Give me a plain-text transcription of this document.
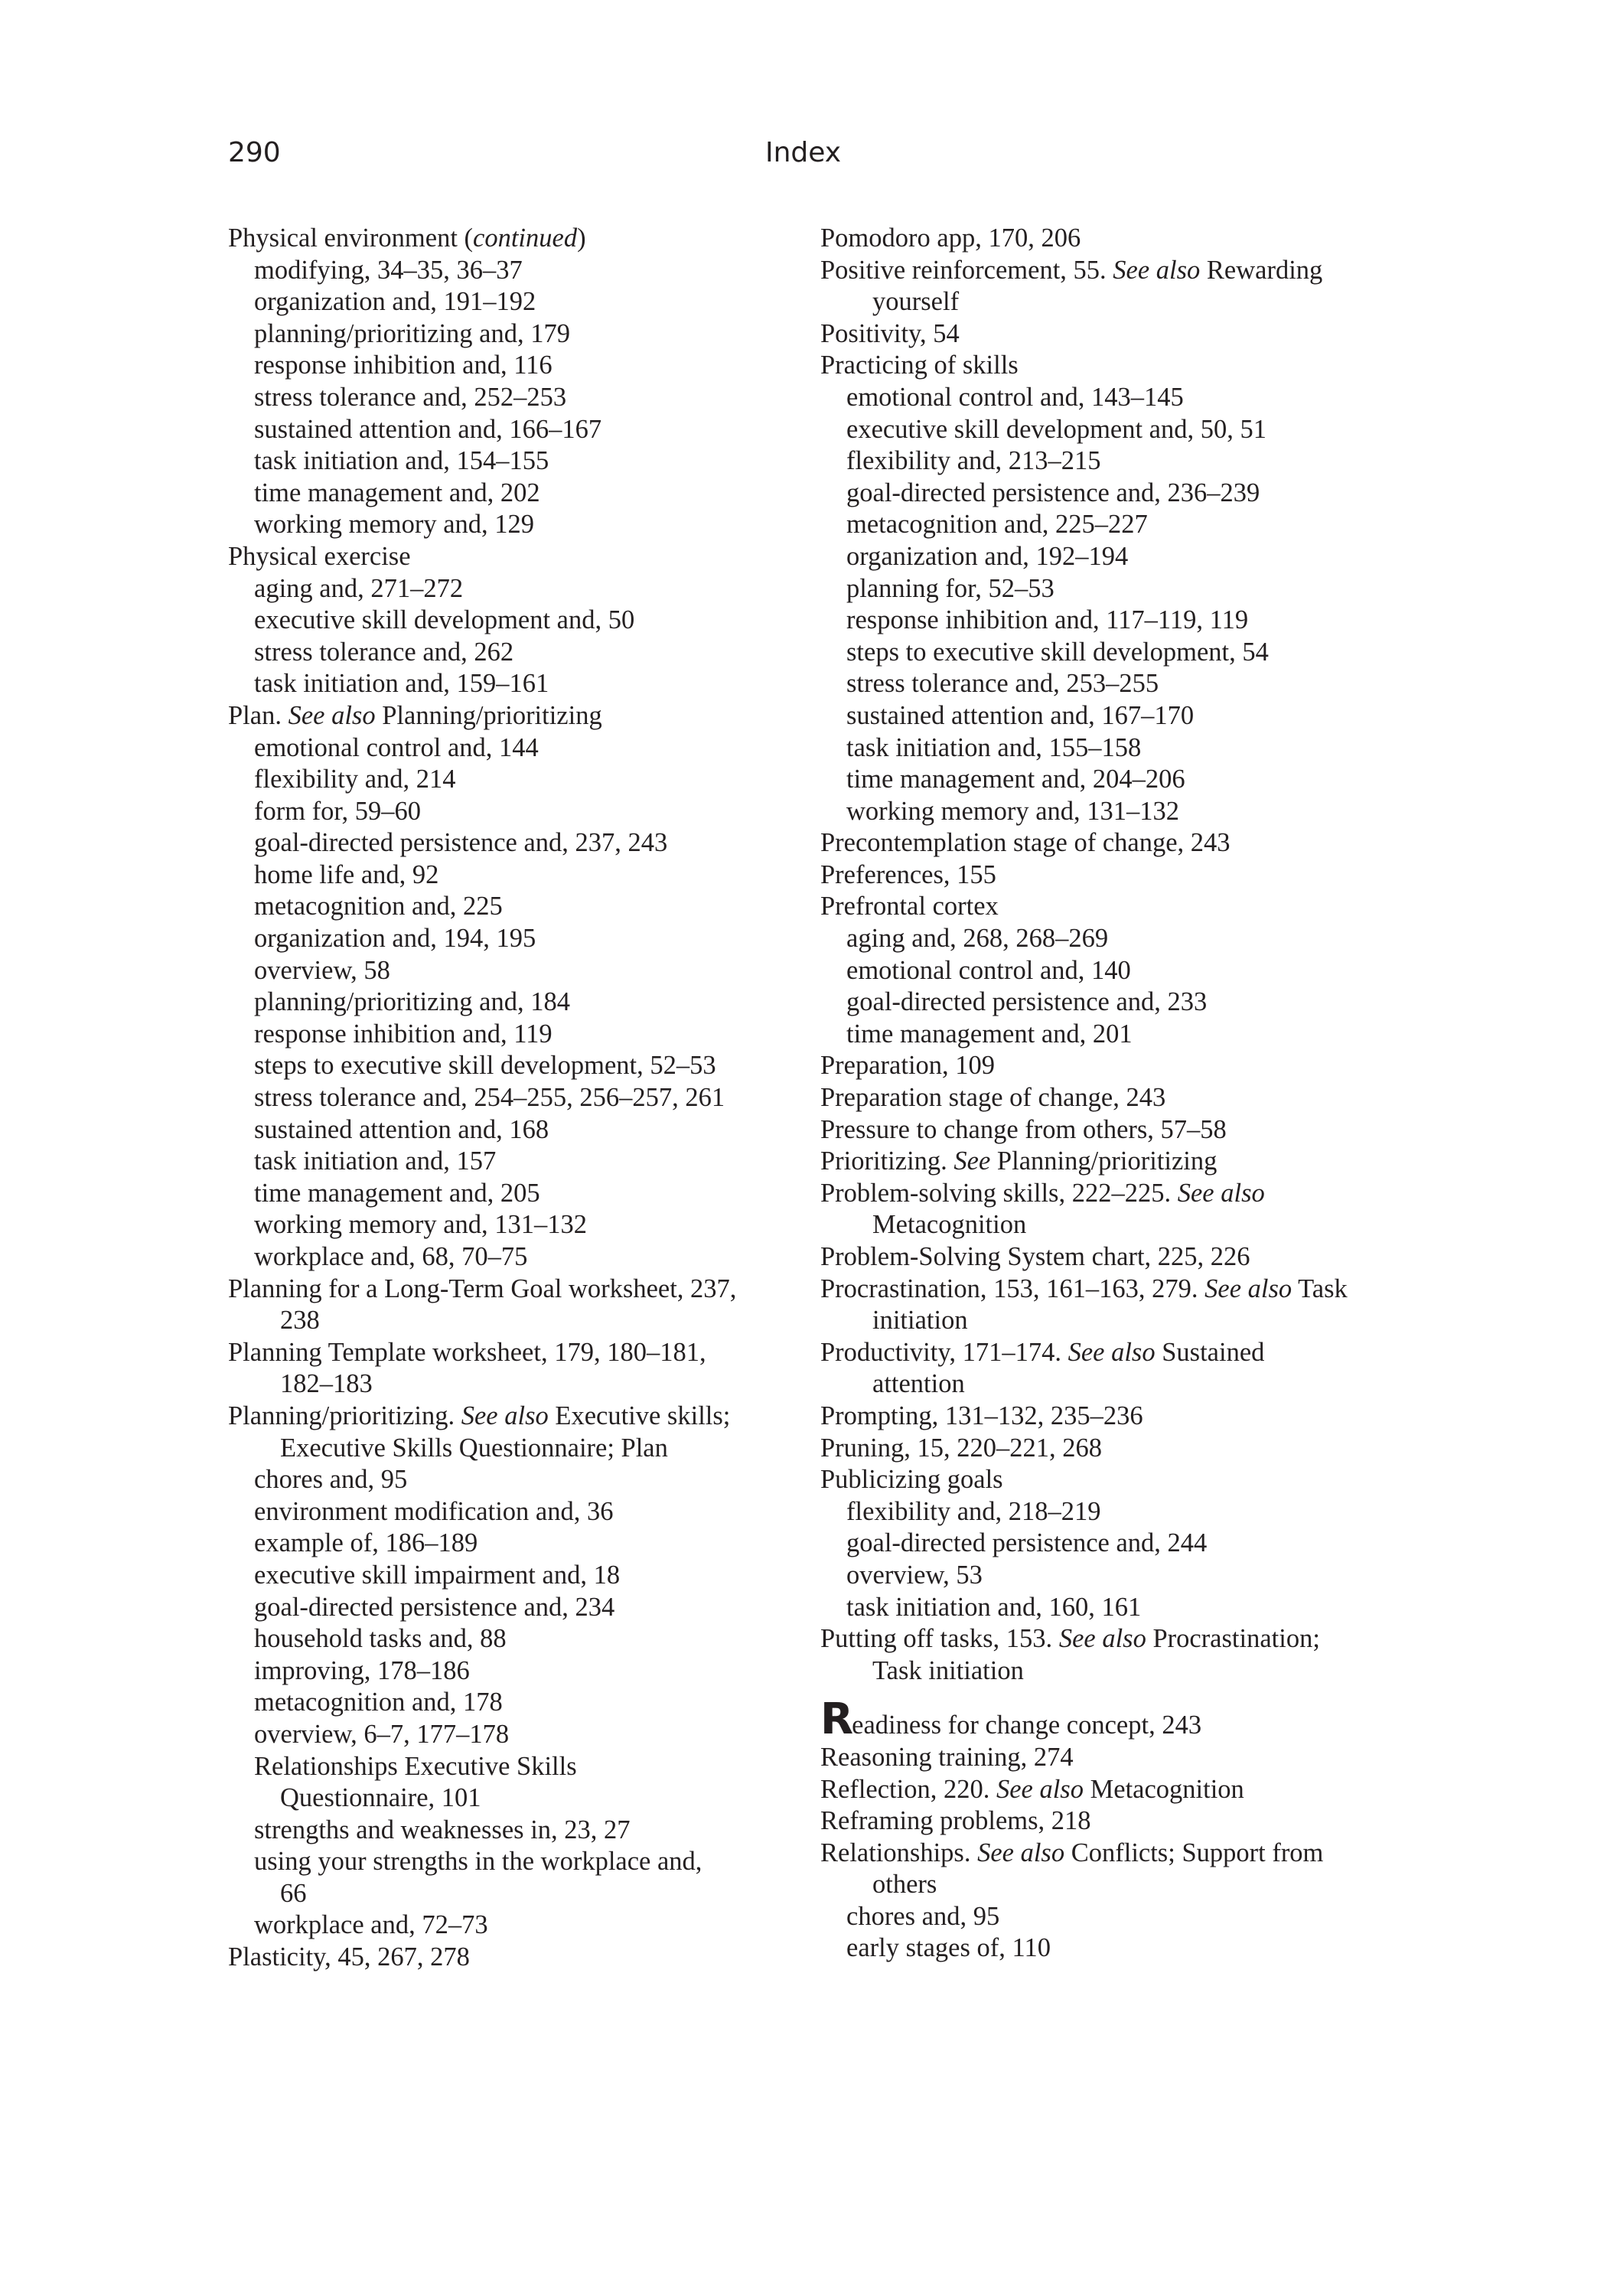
290	Index
Physical environment (continued)
modifying, 34–35, 36–37
organization and, 191–192
planning/prioritizing and, 179
response inhibition and, 116
stress tolerance and, 252–253
sustained attention and, 166–167
task initiation and, 154–155
time management and, 202
working memory and, 129
Physical exercise
aging and, 271–272
executive skill development and, 50
stress tolerance and, 262
task initiation and, 159–161
Plan. See also Planning/prioritizing
emotional control and, 144
flexibility and, 214
form for, 59–60
goal-directed persistence and, 237, 243
home life and, 92
metacognition and, 225
organization and, 194, 195
overview, 58
planning/prioritizing and, 184
response inhibition and, 119
steps to executive skill development, 52–53
stress tolerance and, 254–255, 256–257, 261
sustained attention and, 168
task initiation and, 157
time management and, 205
working memory and, 131–132
workplace and, 68, 70–75
Planning for a Long-Term Goal worksheet, 237,
238
Planning Template worksheet, 179, 180–181,
182–183
Planning/prioritizing. See also Executive skills;
Executive Skills Questionnaire; Plan
chores and, 95
environment modification and, 36
example of, 186–189
executive skill impairment and, 18
goal-directed persistence and, 234
household tasks and, 88
improving, 178–186
metacognition and, 178
overview, 6–7, 177–178
Relationships Executive Skills
Questionnaire, 101
strengths and weaknesses in, 23, 27
using your strengths in the workplace and,
66
workplace and, 72–73
Plasticity, 45, 267, 278
Pomodoro app, 170, 206
Positive reinforcement, 55. See also Rewarding
yourself
Positivity, 54
Practicing of skills
emotional control and, 143–145
executive skill development and, 50, 51
flexibility and, 213–215
goal-directed persistence and, 236–239
metacognition and, 225–227
organization and, 192–194
planning for, 52–53
response inhibition and, 117–119, 119
steps to executive skill development, 54
stress tolerance and, 253–255
sustained attention and, 167–170
task initiation and, 155–158
time management and, 204–206
working memory and, 131–132
Precontemplation stage of change, 243
Preferences, 155
Prefrontal cortex
aging and, 268, 268–269
emotional control and, 140
goal-directed persistence and, 233
time management and, 201
Preparation, 109
Preparation stage of change, 243
Pressure to change from others, 57–58
Prioritizing. See Planning/prioritizing
Problem-solving skills, 222–225. See also
Metacognition
Problem-Solving System chart, 225, 226
Procrastination, 153, 161–163, 279. See also Task
initiation
Productivity, 171–174. See also Sustained
attention
Prompting, 131–132, 235–236
Pruning, 15, 220–221, 268
Publicizing goals
flexibility and, 218–219
goal-directed persistence and, 244
overview, 53
task initiation and, 160, 161
Putting off tasks, 153. See also Procrastination;
Task initiation
Readiness for change concept, 243
Reasoning training, 274
Reflection, 220. See also Metacognition
Reframing problems, 218
Relationships. See also Conflicts; Support from
others
chores and, 95
early stages of, 110
